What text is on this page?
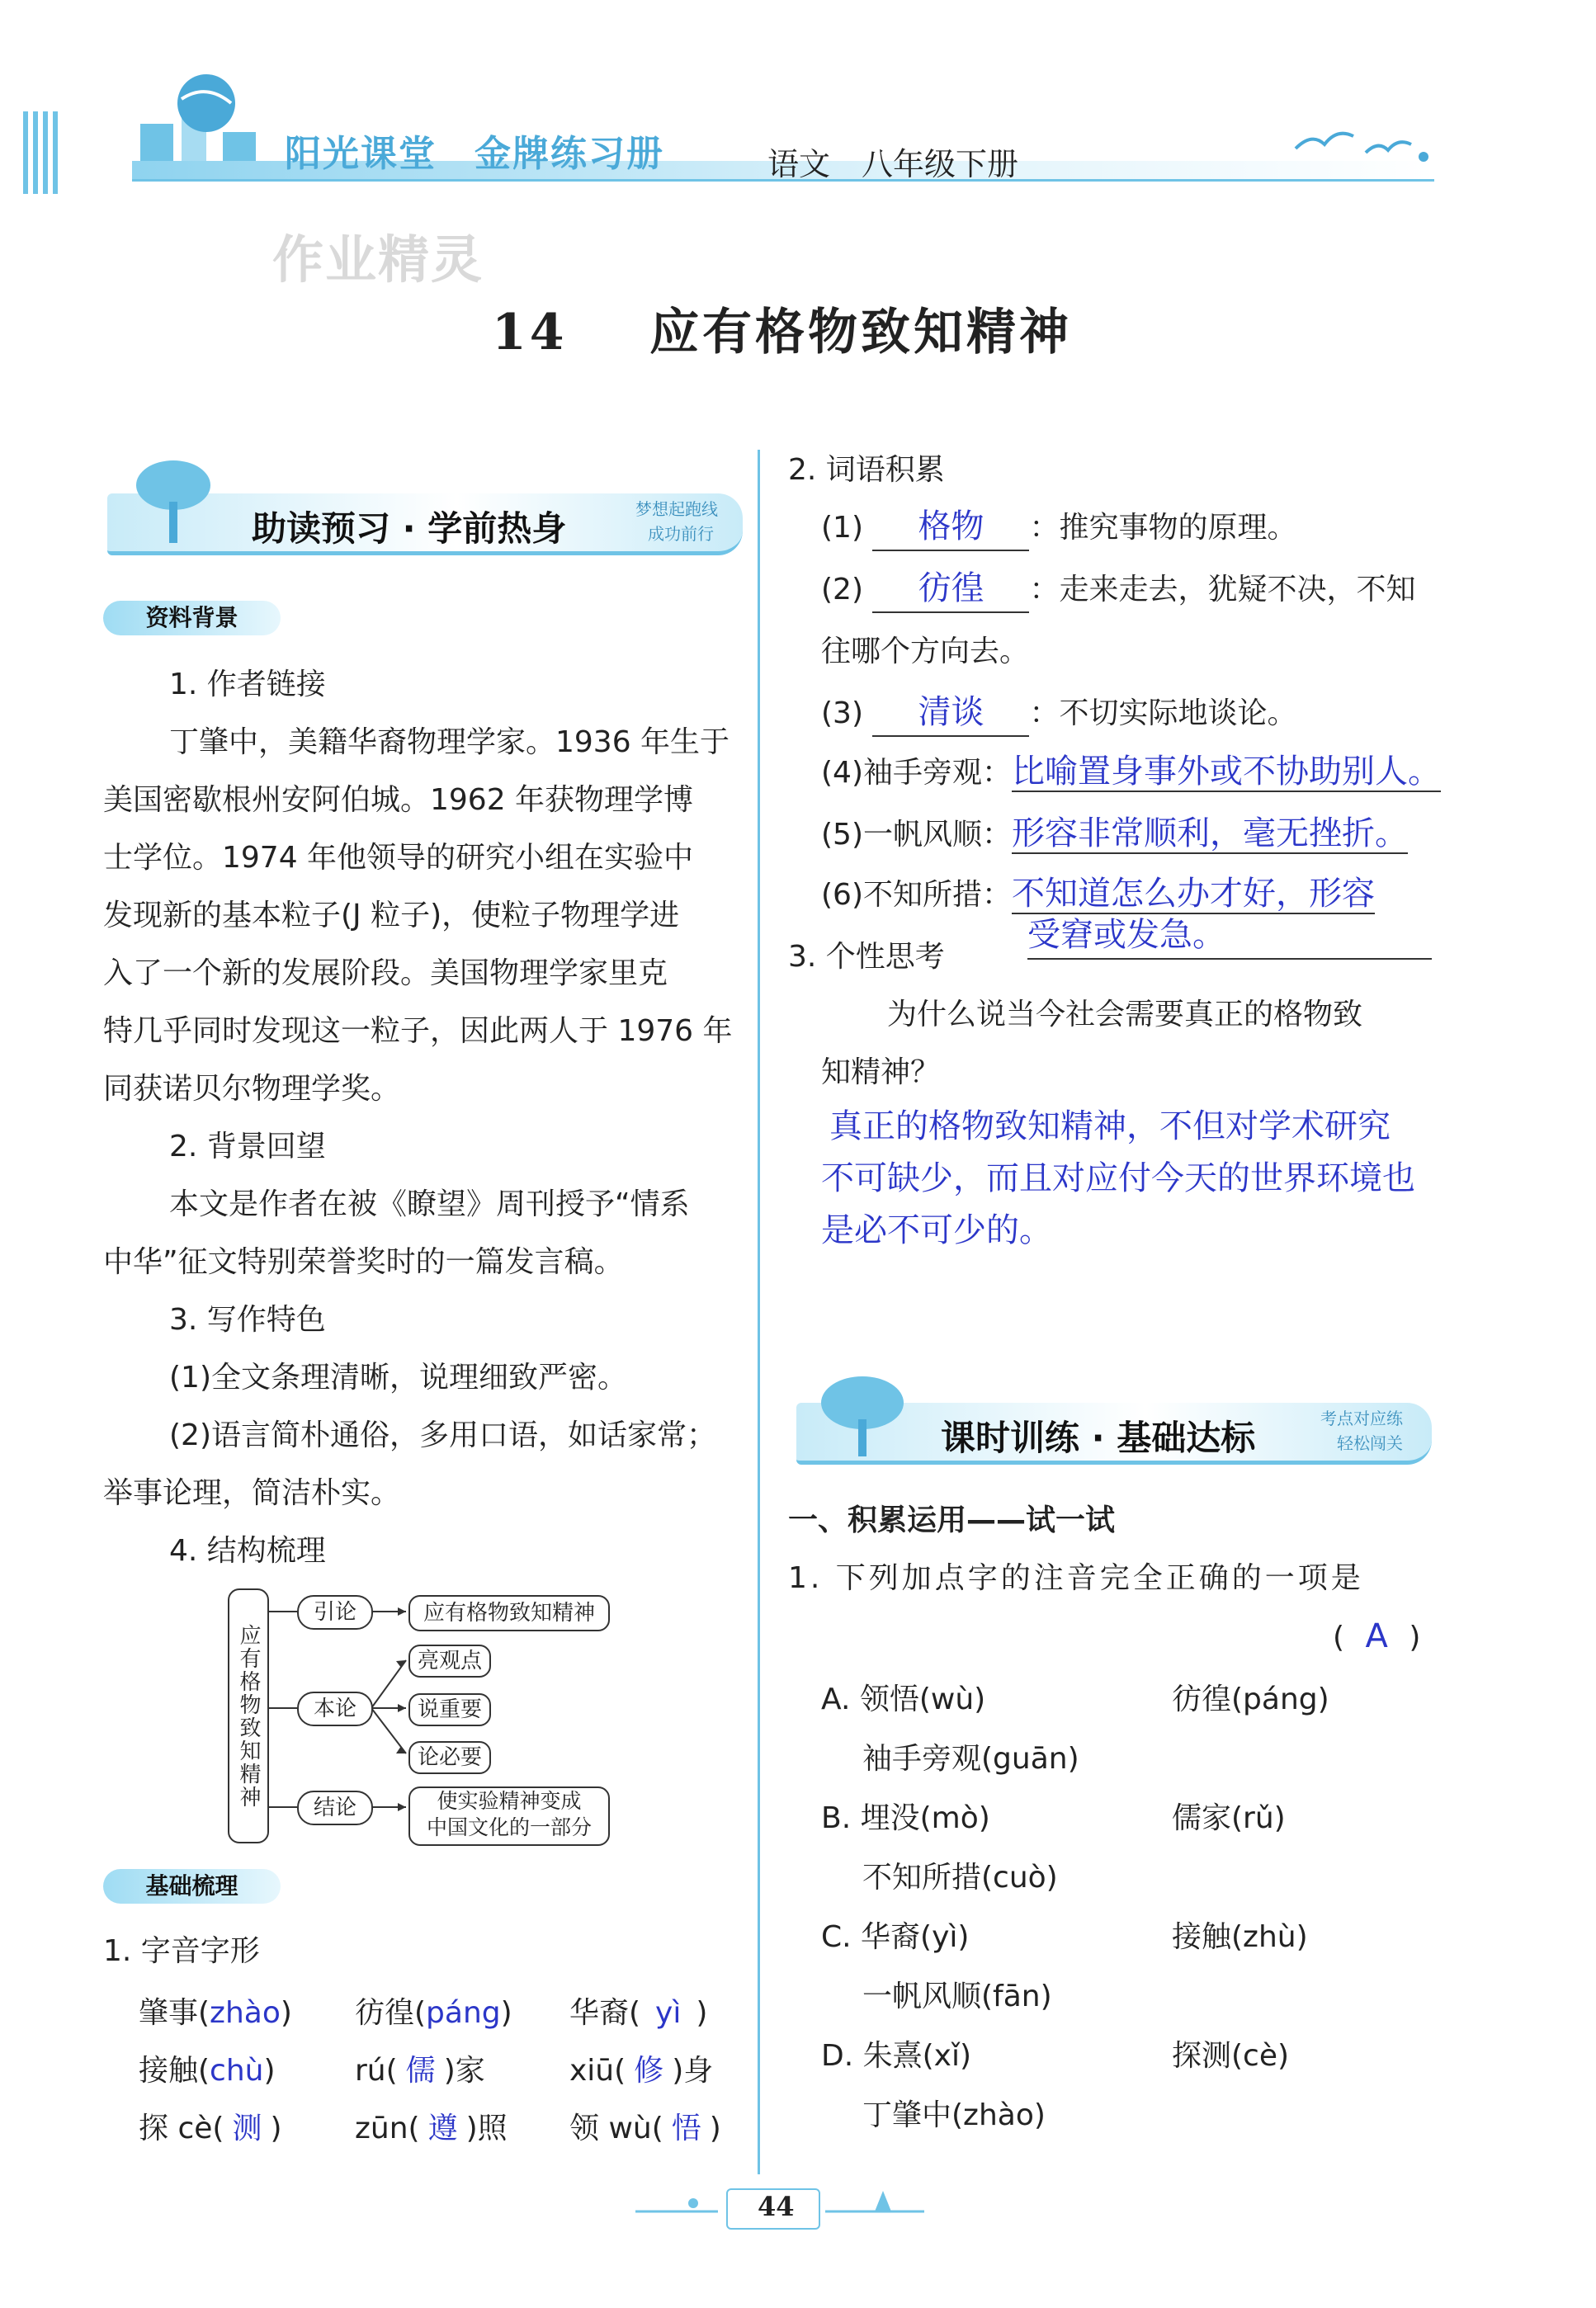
阳光课堂　金牌练习册	语文　八年级下册
作业精灵
14 应有格物致知精神
助读预习 · 学前热身	梦想起跑线
成功前行
资料背景
1. 作者链接
丁肇中，美籍华裔物理学家。1936 年生于
美国密歇根州安阿伯城。1962 年获物理学博
士学位。1974 年他领导的研究小组在实验中
发现新的基本粒子(J 粒子)，使粒子物理学进
入了一个新的发展阶段。美国物理学家里克
特几乎同时发现这一粒子，因此两人于 1976 年
同获诺贝尔物理学奖。
2. 背景回望
本文是作者在被《瞭望》周刊授予“情系
中华”征文特别荣誉奖时的一篇发言稿。
3. 写作特色
(1)全文条理清晰，说理细致严密。
(2)语言简朴通俗，多用口语，如话家常；
举事论理，简洁朴实。
4. 结构梳理
应有格物致知精神
引论	应有格物致知精神
本论
亮观点
说重要
论必要
结论	使实验精神变成
中国文化的一部分
基础梳理
1. 字音字形
肇事(zhào) 彷徨(páng) 华裔( yì )
接触(chù)	rú( 儒 )家	xiū( 修 )身
探 cè( 测 ) zūn( 遵 )照 领 wù( 悟 )
2. 词语积累
(1) 格物 ：推究事物的原理。
(2) 彷徨 ：走来走去，犹疑不决，不知
往哪个方向去。
(3) 清谈 ：不切实际地谈论。
(4)袖手旁观：比喻置身事外或不协助别人。
(5)一帆风顺：形容非常顺利，毫无挫折。
(6)不知所措：不知道怎么办才好，形容
受窘或发急。
3. 个性思考
为什么说当今社会需要真正的格物致
知精神？
真正的格物致知精神，不但对学术研究
不可缺少，而且对应付今天的世界环境也
是必不可少的。
课时训练 · 基础达标	考点对应练
轻松闯关
一、积累运用——试一试
1. 下列加点字的注音完全正确的一项是
( A )
A. 领悟(wù)	彷徨(páng)
袖手旁观(guān)
B. 埋没(mò)	儒家(rǔ)
不知所措(cuò)
C. 华裔(yì)	接触(zhù)
一帆风顺(fān)
D. 朱熹(xǐ)	探测(cè)
丁肇中(zhào)
44
